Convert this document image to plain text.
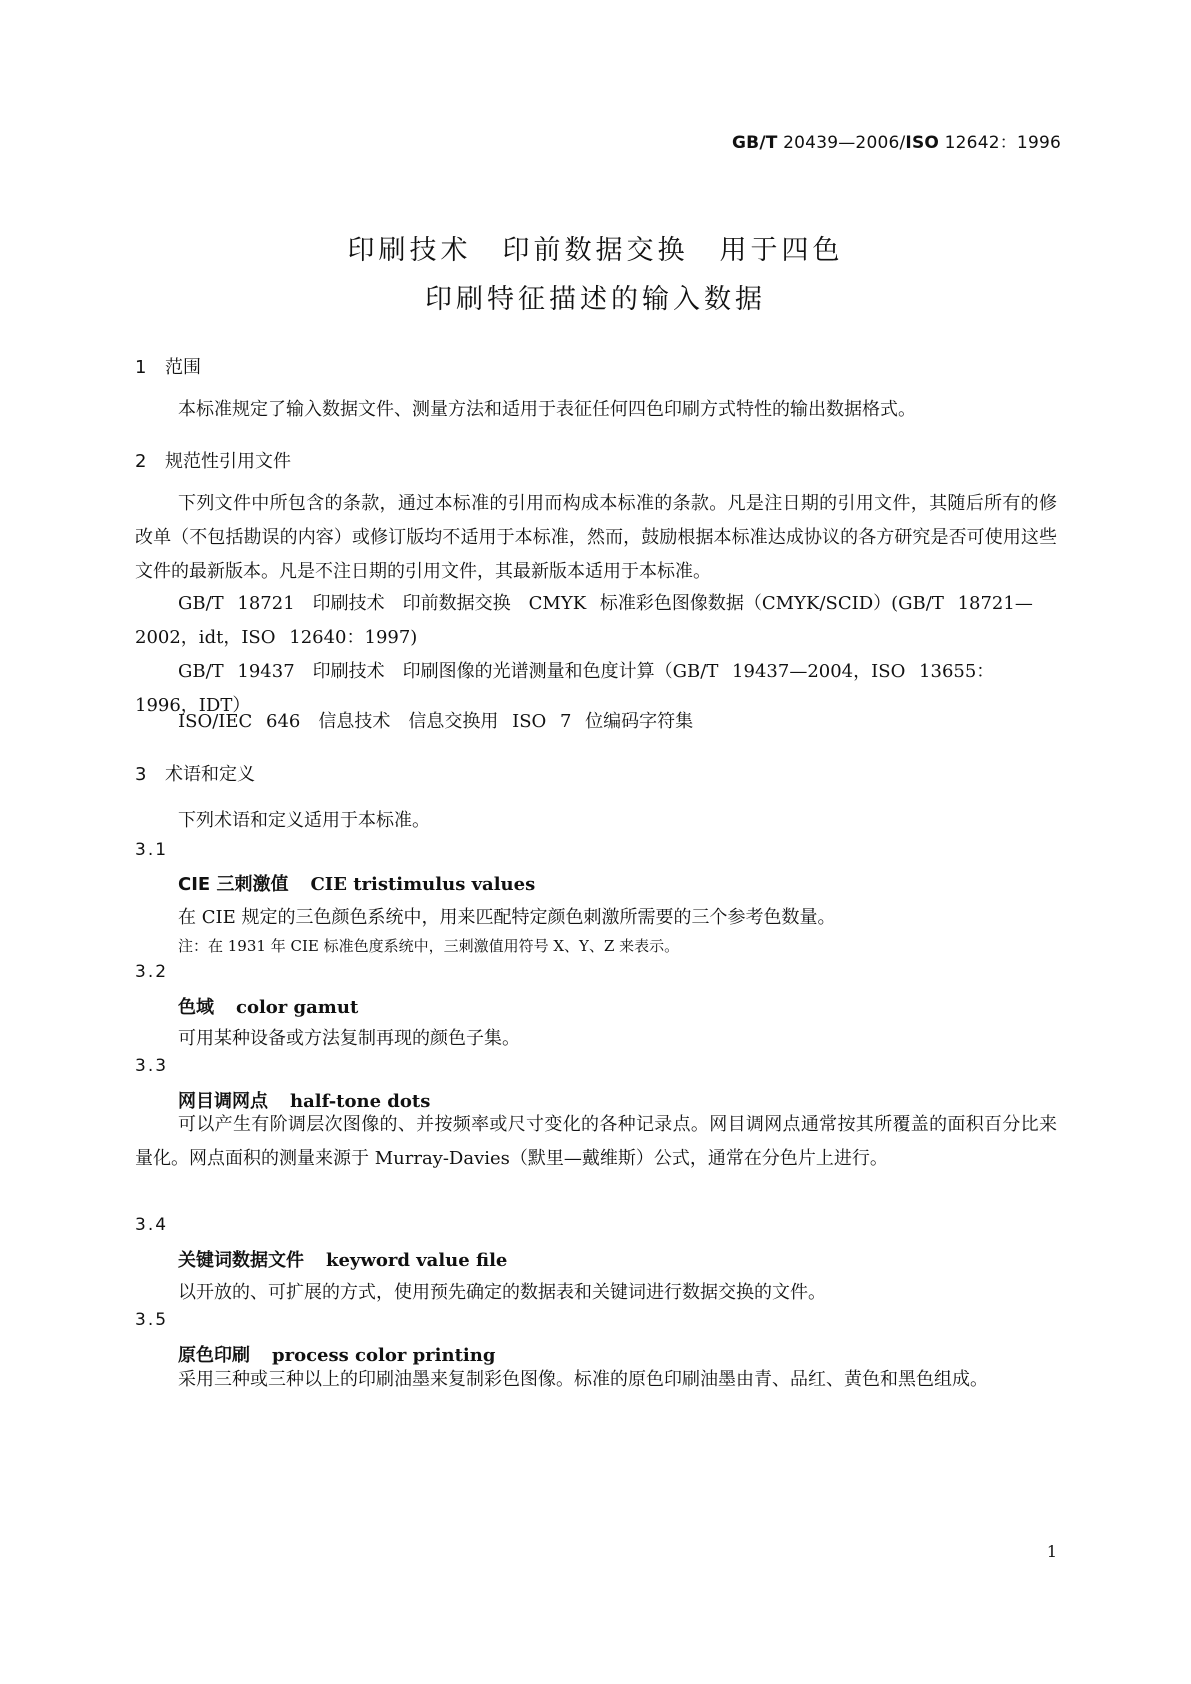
GB/T 20439—2006/ISO 12642：1996
印刷技术　印前数据交换　用于四色
印刷特征描述的输入数据
1 范围
本标准规定了输入数据文件、测量方法和适用于表征任何四色印刷方式特性的输出数据格式。
2 规范性引用文件
下列文件中所包含的条款，通过本标准的引用而构成本标准的条款。凡是注日期的引用文件，其随后所有的修改单（不包括勘误的内容）或修订版均不适用于本标准，然而，鼓励根据本标准达成协议的各方研究是否可使用这些文件的最新版本。凡是不注日期的引用文件，其最新版本适用于本标准。
GB/T 18721　印刷技术　印前数据交换　CMYK 标准彩色图像数据（CMYK/SCID）(GB/T 18721—2002，idt，ISO 12640：1997)
GB/T 19437　印刷技术　印刷图像的光谱测量和色度计算（GB/T 19437—2004，ISO 13655：1996，IDT）
ISO/IEC 646　信息技术　信息交换用 ISO 7 位编码字符集
3 术语和定义
下列术语和定义适用于本标准。
3.1
CIE 三刺激值 CIE tristimulus values
在 CIE 规定的三色颜色系统中，用来匹配特定颜色刺激所需要的三个参考色数量。
注：在 1931 年 CIE 标准色度系统中，三刺激值用符号 X、Y、Z 来表示。
3.2
色域 color gamut
可用某种设备或方法复制再现的颜色子集。
3.3
网目调网点 half-tone dots
可以产生有阶调层次图像的、并按频率或尺寸变化的各种记录点。网目调网点通常按其所覆盖的面积百分比来量化。网点面积的测量来源于 Murray-Davies（默里—戴维斯）公式，通常在分色片上进行。
3.4
关键词数据文件 keyword value file
以开放的、可扩展的方式，使用预先确定的数据表和关键词进行数据交换的文件。
3.5
原色印刷 process color printing
采用三种或三种以上的印刷油墨来复制彩色图像。标准的原色印刷油墨由青、品红、黄色和黑色组成。
1
